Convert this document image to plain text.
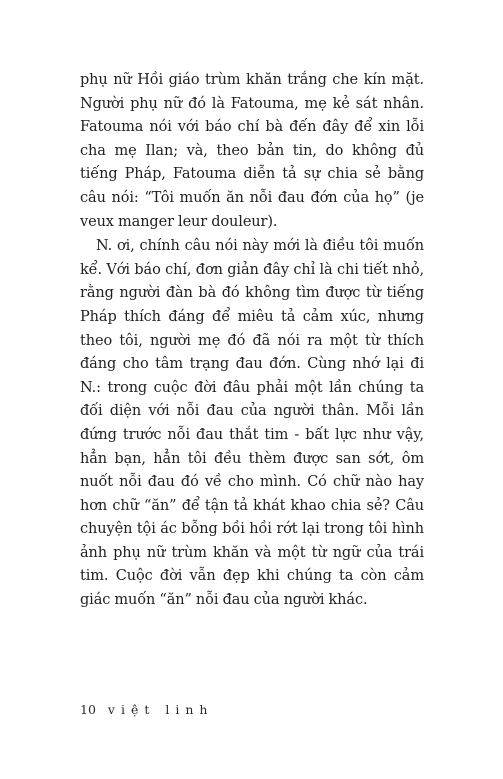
phụ nữ Hồi giáo trùm khăn trắng che kín mặt. Người phụ nữ đó là Fatouma, mẹ kẻ sát nhân. Fatouma nói với báo chí bà đến đây để xin lỗi cha mẹ Ilan; và, theo bản tin, do không đủ tiếng Pháp, Fatouma diễn tả sự chia sẻ bằng câu nói: “Tôi muốn ăn nỗi đau đớn của họ” (je veux manger leur douleur).

N. ơi, chính câu nói này mới là điều tôi muốn kể. Với báo chí, đơn giản đây chỉ là chi tiết nhỏ, rằng người đàn bà đó không tìm được từ tiếng Pháp thích đáng để miêu tả cảm xúc, nhưng theo tôi, người mẹ đó đã nói ra một từ thích đáng cho tâm trạng đau đớn. Cùng nhớ lại đi N.: trong cuộc đời đâu phải một lần chúng ta đối diện với nỗi đau của người thân. Mỗi lần đứng trước nỗi đau thắt tim - bất lực như vậy, hẳn bạn, hẳn tôi đều thèm được san sớt, ôm nuốt nỗi đau đó về cho mình. Có chữ nào hay hơn chữ “ăn” để tận tả khát khao chia sẻ? Câu chuyện tội ác bỗng bồi hồi rớt lại trong tôi hình ảnh phụ nữ trùm khăn và một từ ngữ của trái tim. Cuộc đời vẫn đẹp khi chúng ta còn cảm giác muốn “ăn” nỗi đau của người khác.

10 việt linh
